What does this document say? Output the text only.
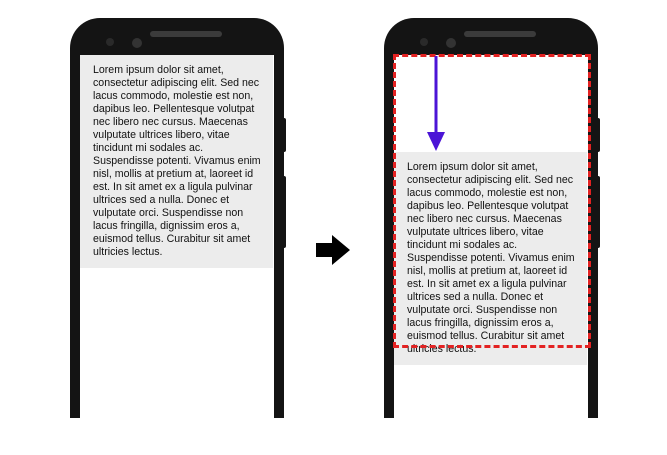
Lorem ipsum dolor sit amet, consectetur adipiscing elit. Sed nec lacus commodo, molestie est non, dapibus leo. Pellentesque volutpat nec libero nec cursus. Maecenas vulputate ultrices libero, vitae tincidunt mi sodales ac. Suspendisse potenti. Vivamus enim nisl, mollis at pretium at, laoreet id est. In sit amet ex a ligula pulvinar ultrices sed a nulla. Donec et vulputate orci. Suspendisse non lacus fringilla, dignissim eros a, euismod tellus. Curabitur sit amet ultricies lectus.
Lorem ipsum dolor sit amet, consectetur adipiscing elit. Sed nec lacus commodo, molestie est non, dapibus leo. Pellentesque volutpat nec libero nec cursus. Maecenas vulputate ultrices libero, vitae tincidunt mi sodales ac. Suspendisse potenti. Vivamus enim nisl, mollis at pretium at, laoreet id est. In sit amet ex a ligula pulvinar ultrices sed a nulla. Donec et vulputate orci. Suspendisse non lacus fringilla, dignissim eros a, euismod tellus. Curabitur sit amet ultricies lectus.
